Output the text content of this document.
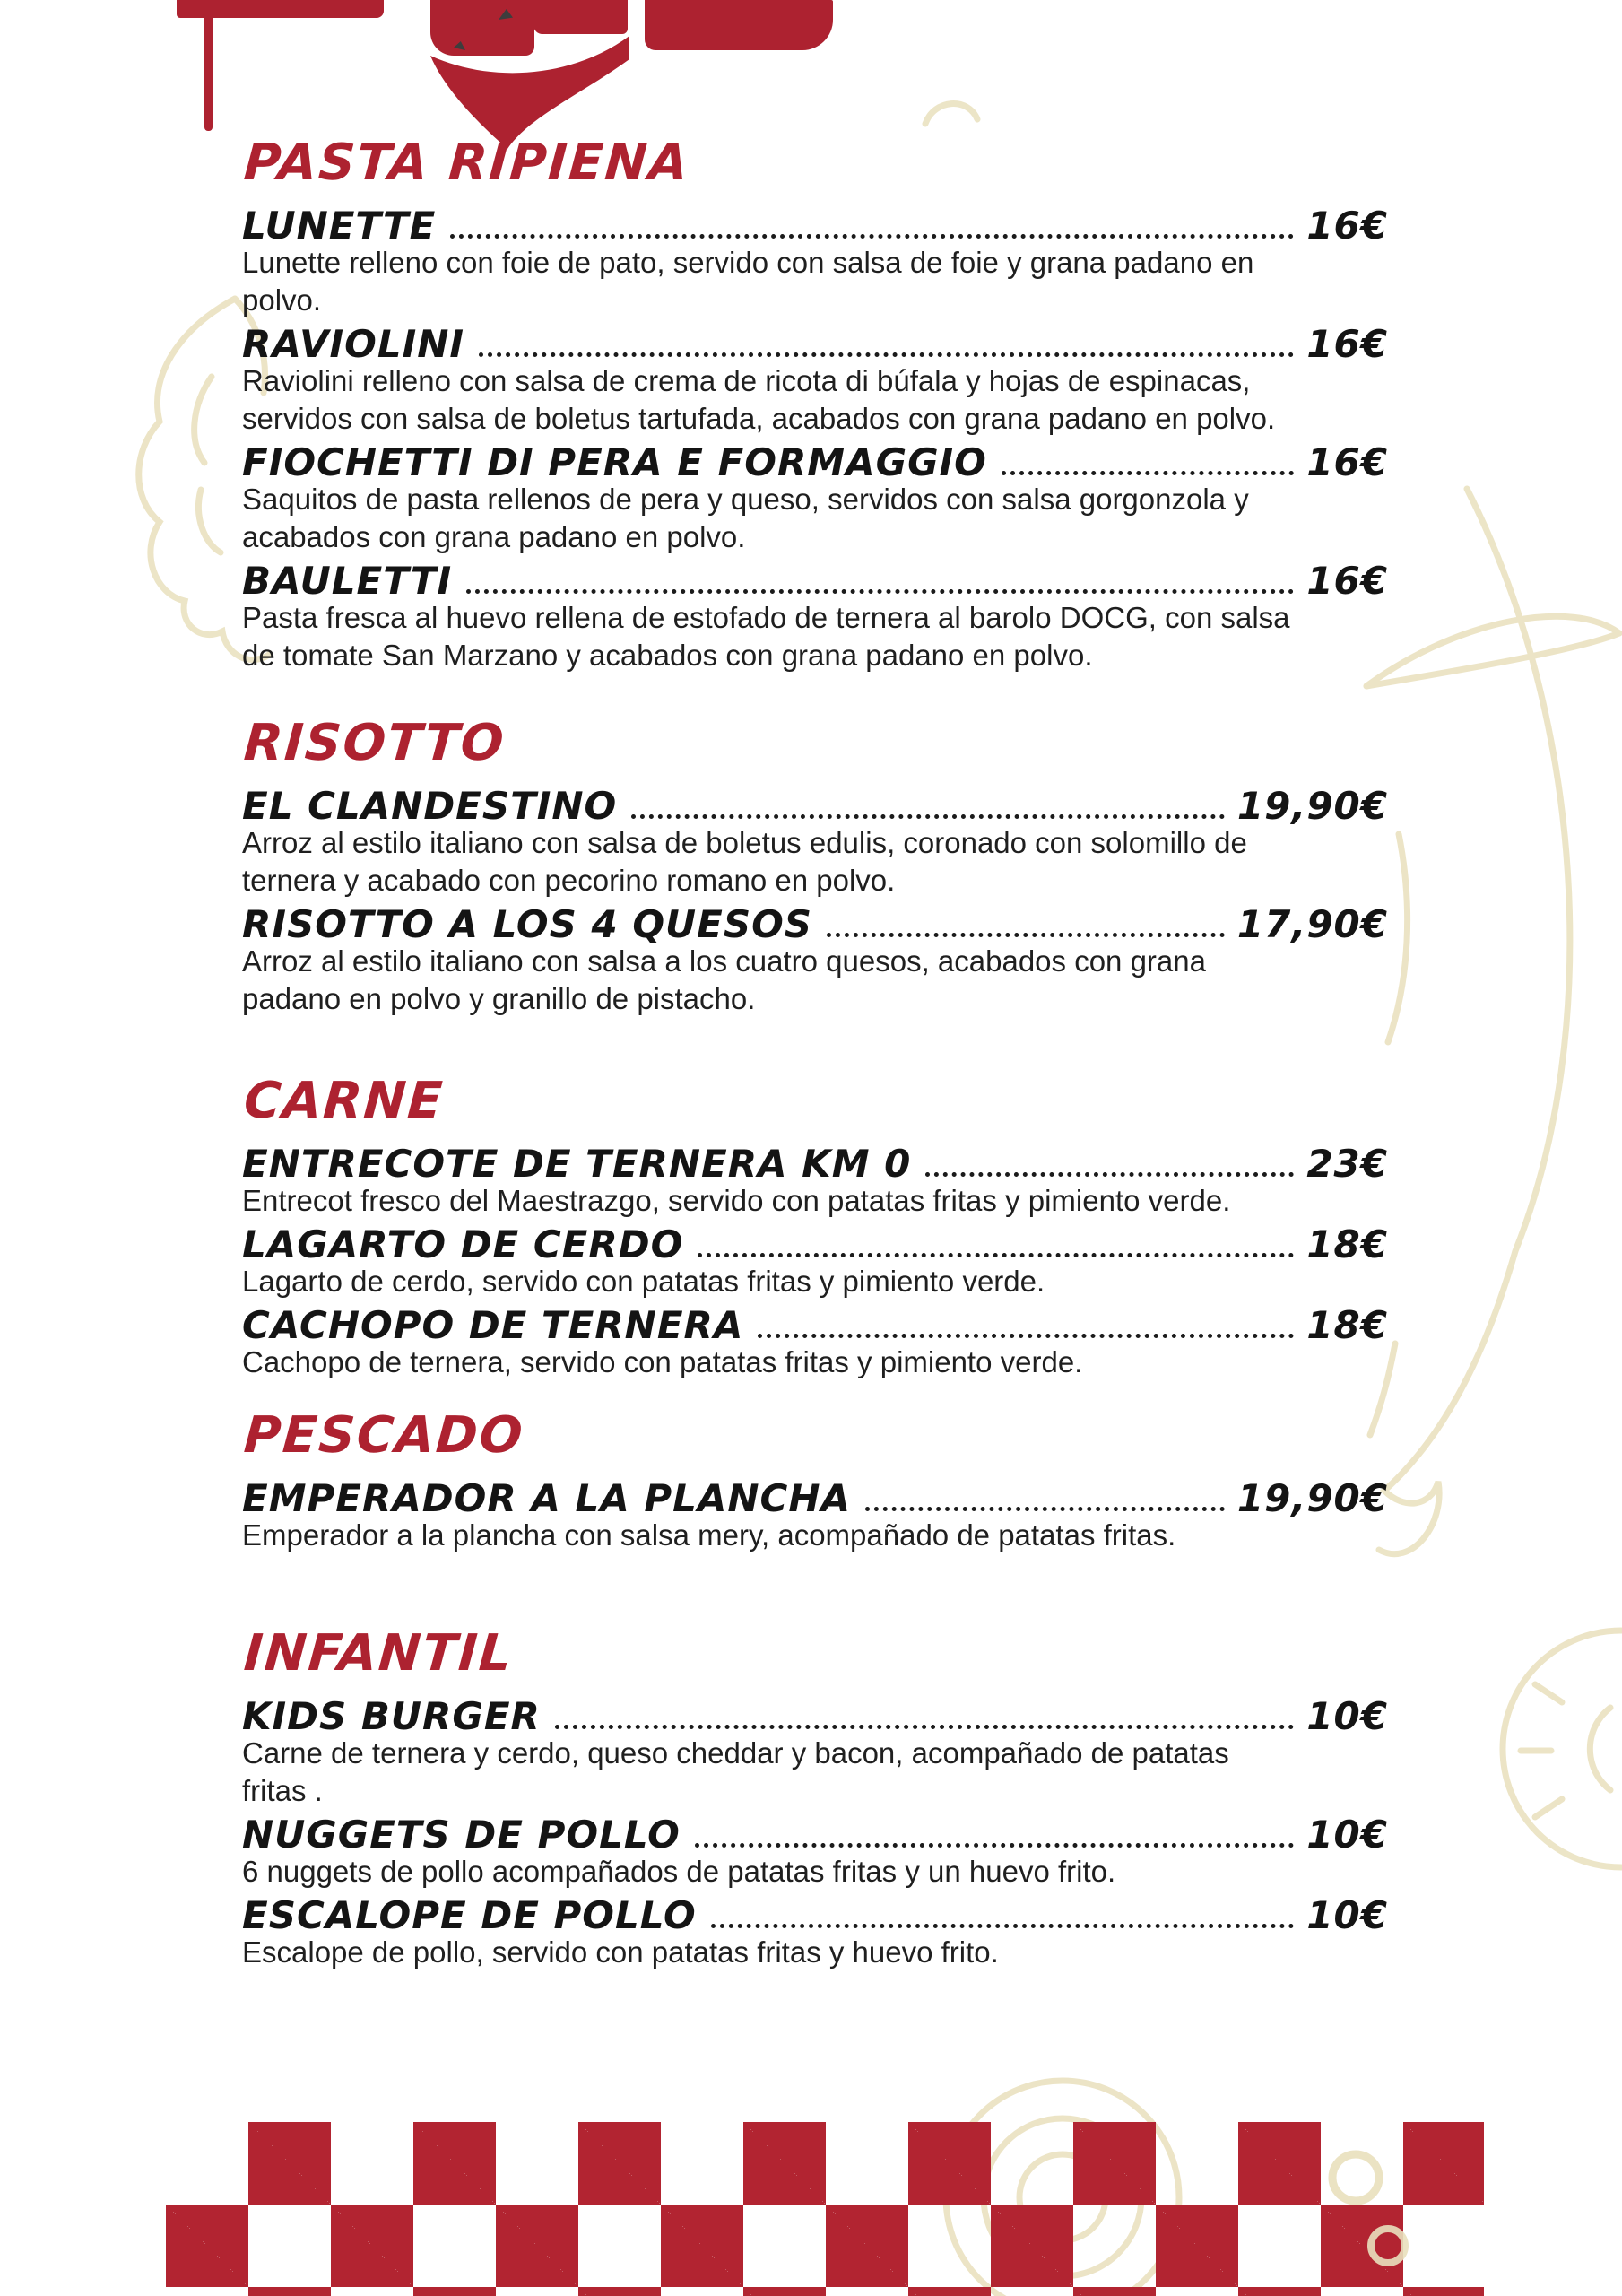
PASTA RIPIENA
LUNETTE	16€
Lunette relleno con foie de pato, servido con salsa de foie y grana padano en
polvo.
RAVIOLINI	16€
Raviolini relleno con salsa de crema de ricota di búfala y hojas de espinacas,
servidos con salsa de boletus tartufada, acabados con grana padano en polvo.
FIOCHETTI DI PERA E FORMAGGIO	16€
Saquitos de pasta rellenos de pera y queso, servidos con salsa gorgonzola y
acabados con grana padano en polvo.
BAULETTI	16€
Pasta fresca al huevo rellena de estofado de ternera al barolo DOCG, con salsa
de tomate San Marzano y acabados con grana padano en polvo.
RISOTTO
EL CLANDESTINO	19,90€
Arroz al estilo italiano con salsa de boletus edulis, coronado con solomillo de
ternera y acabado con pecorino romano en polvo.
RISOTTO A LOS 4 QUESOS	17,90€
Arroz al estilo italiano con salsa a los cuatro quesos, acabados con grana
padano en polvo y granillo de pistacho.
CARNE
ENTRECOTE DE TERNERA KM 0	23€
Entrecot fresco del Maestrazgo, servido con patatas fritas y pimiento verde.
LAGARTO DE CERDO	18€
Lagarto de cerdo, servido con patatas fritas y pimiento verde.
CACHOPO DE TERNERA	18€
Cachopo de ternera, servido con patatas fritas y pimiento verde.
PESCADO
EMPERADOR A LA PLANCHA	19,90€
Emperador a la plancha con salsa mery, acompañado de patatas fritas.
INFANTIL
KIDS BURGER	10€
Carne de ternera y cerdo, queso cheddar y bacon, acompañado de patatas
fritas .
NUGGETS DE POLLO	10€
6 nuggets de pollo acompañados de patatas fritas y un huevo frito.
ESCALOPE DE POLLO	10€
Escalope de pollo, servido con patatas fritas y huevo frito.
